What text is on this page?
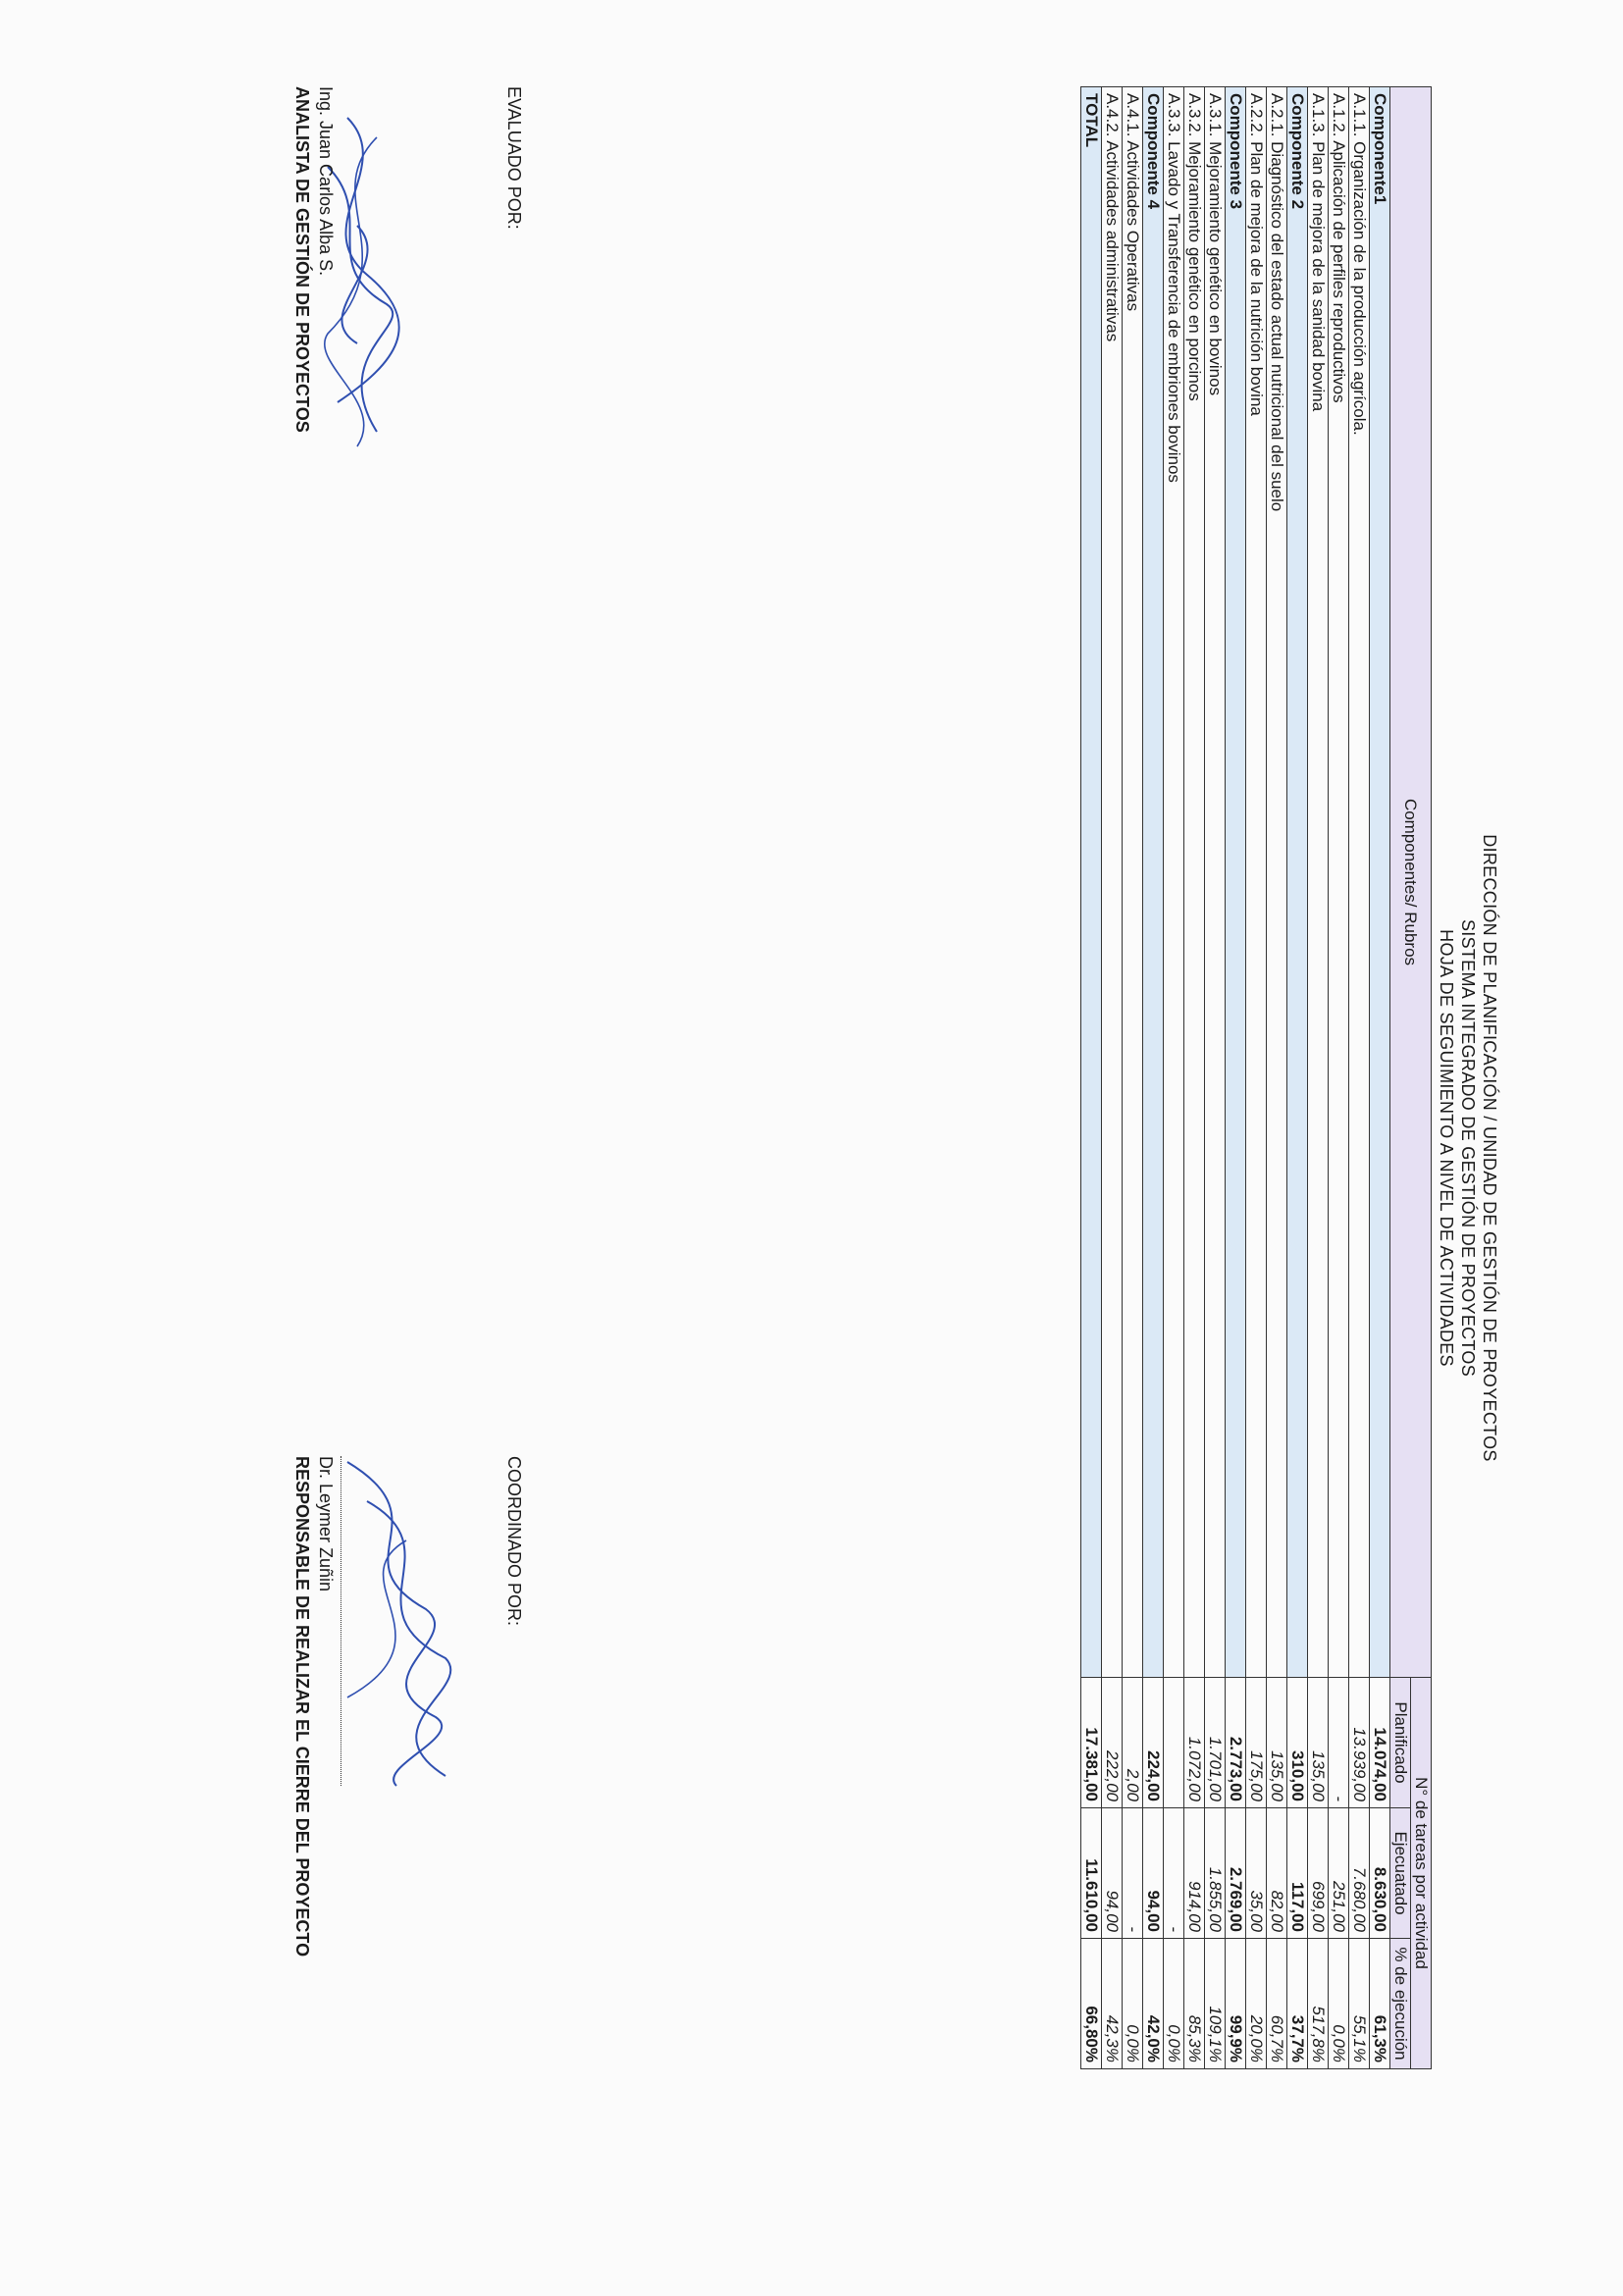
DIRECCIÓN DE PLANIFICACIÓN / UNIDAD DE GESTIÓN DE PROYECTOS
SISTEMA INTEGRADO DE GESTIÓN DE PROYECTOS
HOJA DE SEGUIMIENTO A NIVEL DE ACTIVIDADES
Componentes/ Rubros	N° de tareas por actividad		
	Planificado	Ejecuatado	% de ejecución
Componente1	14.074,00	8.630,00	61,3%
A.1.1. Organización de la producción agrícola.	13.939,00	7.680,00	55,1%
A.1.2. Aplicación de perfiles reproductivos	-	251,00	0,0%
A.1.3. Plan de mejora de la sanidad bovina	135,00	699,00	517,8%
Componente 2	310,00	117,00	37,7%
A.2.1. Diagnóstico del estado actual nutricional del suelo	135,00	82,00	60,7%
A.2.2. Plan de mejora de la nutrición bovina	175,00	35,00	20,0%
Componente 3	2.773,00	2.769,00	99,9%
A.3.1. Mejoramiento genético en bovinos	1.701,00	1.855,00	109,1%
A.3.2. Mejoramiento genético en porcinos	1.072,00	914,00	85,3%
A.3.3. Lavado y Transferencia de embriones bovinos		-	0,0%
Componente 4	224,00	94,00	42,0%
A.4.1. Actividades Operativas	2,00	-	0,0%
A.4.2. Actividades administrativas	222,00	94,00	42,3%
TOTAL	17.381,00	11.610,00	66,80%
EVALUADO POR:
Ing. Juan Carlos Alba S.
ANALISTA DE GESTIÓN DE PROYECTOS
COORDINADO POR:
Dr. Leymer Zuñin
RESPONSABLE DE REALIZAR EL CIERRE DEL PROYECTO
